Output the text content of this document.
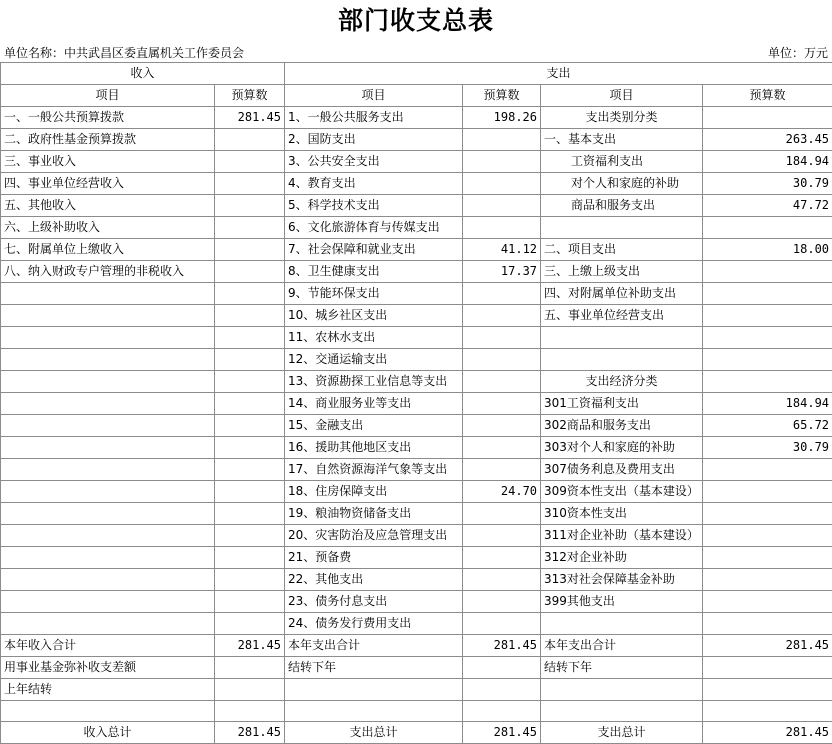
部门收支总表
单位名称：中共武昌区委直属机关工作委员会	单位：万元
收入		支出			
项目	预算数	项目	预算数	项目	预算数
一、一般公共预算拨款	281.45	1、一般公共服务支出	198.26	支出类别分类	
二、政府性基金预算拨款		2、国防支出		一、基本支出	263.45
三、事业收入		3、公共安全支出		工资福利支出	184.94
四、事业单位经营收入		4、教育支出		对个人和家庭的补助	30.79
五、其他收入		5、科学技术支出		商品和服务支出	47.72
六、上级补助收入		6、文化旅游体育与传媒支出			
七、附属单位上缴收入		7、社会保障和就业支出	41.12	二、项目支出	18.00
八、纳入财政专户管理的非税收入		8、卫生健康支出	17.37	三、上缴上级支出	
		9、节能环保支出		四、对附属单位补助支出	
		10、城乡社区支出		五、事业单位经营支出	
		11、农林水支出			
		12、交通运输支出			
		13、资源勘探工业信息等支出		支出经济分类	
		14、商业服务业等支出		301工资福利支出	184.94
		15、金融支出		302商品和服务支出	65.72
		16、援助其他地区支出		303对个人和家庭的补助	30.79
		17、自然资源海洋气象等支出		307债务利息及费用支出	
		18、住房保障支出	24.70	309资本性支出（基本建设）	
		19、粮油物资储备支出		310资本性支出	
		20、灾害防治及应急管理支出		311对企业补助（基本建设）	
		21、预备费		312对企业补助	
		22、其他支出		313对社会保障基金补助	
		23、债务付息支出		399其他支出	
		24、债务发行费用支出			
本年收入合计	281.45	本年支出合计	281.45	本年支出合计	281.45
用事业基金弥补收支差额		结转下年		结转下年	
上年结转					

收入总计	281.45	支出总计	281.45	支出总计	281.45
